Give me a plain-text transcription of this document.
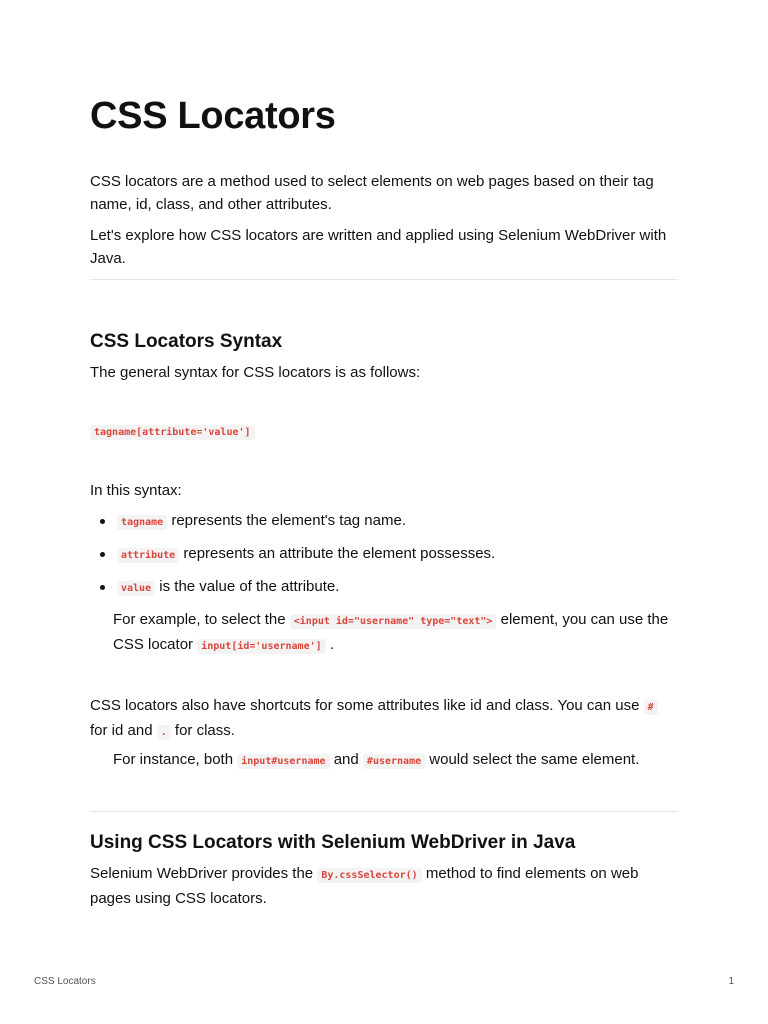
CSS Locators

CSS locators are a method used to select elements on web pages based on their tag name, id, class, and other attributes.

Let's explore how CSS locators are written and applied using Selenium WebDriver with Java.

CSS Locators Syntax

The general syntax for CSS locators is as follows:

tagname[attribute='value']

In this syntax:

tagname represents the element's tag name.
attribute represents an attribute the element possesses.
value is the value of the attribute.

For example, to select the <input id="username" type="text"> element, you can use the CSS locator input[id='username'] .

CSS locators also have shortcuts for some attributes like id and class. You can use # for id and . for class.

For instance, both input#username and #username would select the same element.

Using CSS Locators with Selenium WebDriver in Java

Selenium WebDriver provides the By.cssSelector() method to find elements on web pages using CSS locators.

CSS Locators	1
